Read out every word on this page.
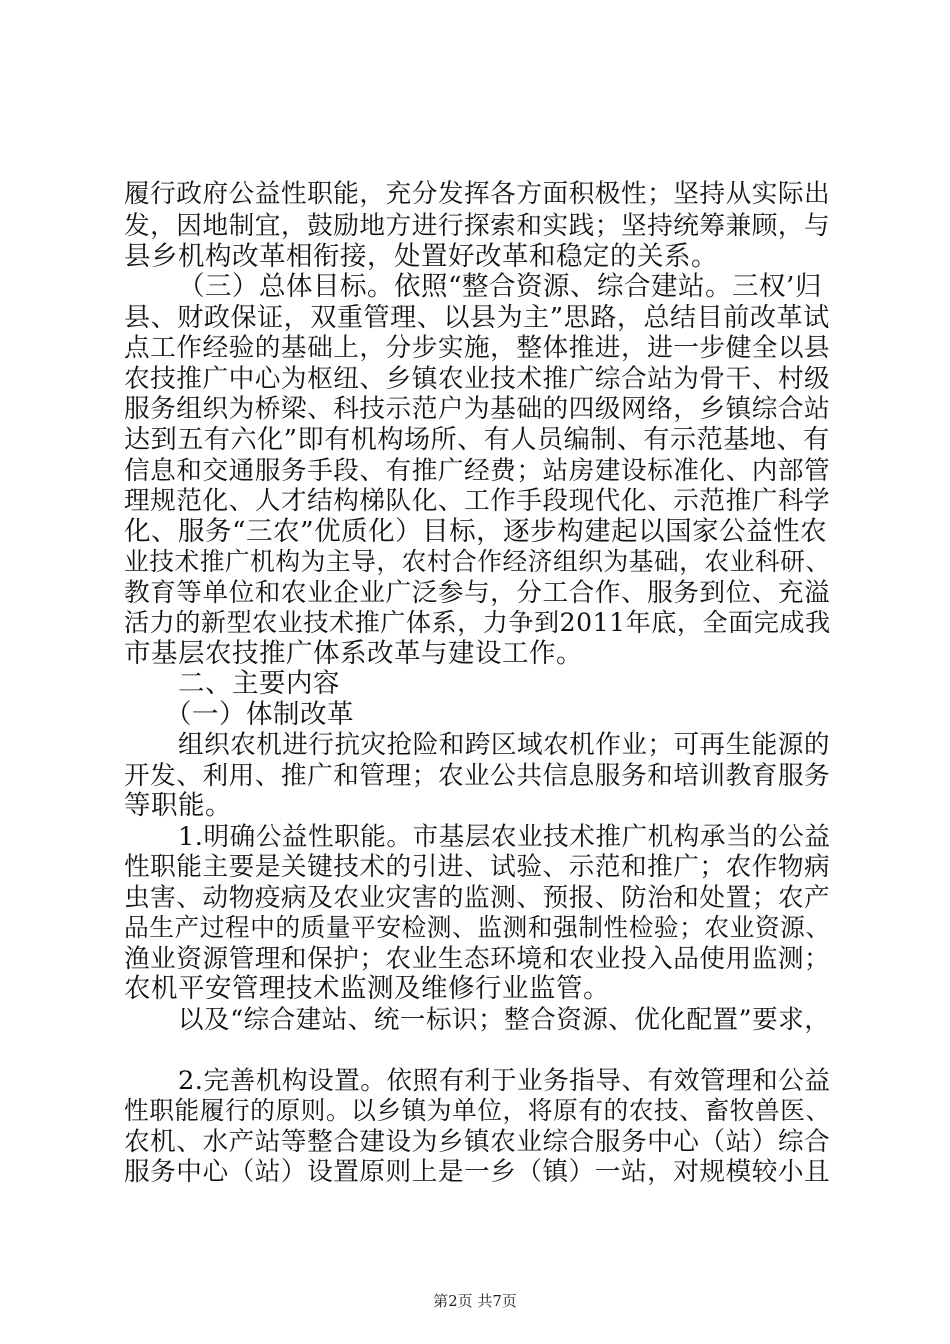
履行政府公益性职能，充分发挥各方面积极性；坚持从实际出
发，因地制宜，鼓励地方进行探索和实践；坚持统筹兼顾，与
县乡机构改革相衔接，处置好改革和稳定的关系。
（三）总体目标。依照“整合资源、综合建站。三权’归
县、财政保证，双重管理、以县为主”思路，总结目前改革试
点工作经验的基础上，分步实施，整体推进，进一步健全以县
农技推广中心为枢纽、乡镇农业技术推广综合站为骨干、村级
服务组织为桥梁、科技示范户为基础的四级网络，乡镇综合站
达到五有六化”即有机构场所、有人员编制、有示范基地、有
信息和交通服务手段、有推广经费；站房建设标准化、内部管
理规范化、人才结构梯队化、工作手段现代化、示范推广科学
化、服务“三农”优质化）目标，逐步构建起以国家公益性农
业技术推广机构为主导，农村合作经济组织为基础，农业科研、
教育等单位和农业企业广泛参与，分工合作、服务到位、充溢
活力的新型农业技术推广体系，力争到2011年底，全面完成我
市基层农技推广体系改革与建设工作。
二、主要内容
（一）体制改革
组织农机进行抗灾抢险和跨区域农机作业；可再生能源的
开发、利用、推广和管理；农业公共信息服务和培训教育服务
等职能。
1.明确公益性职能。市基层农业技术推广机构承当的公益
性职能主要是关键技术的引进、试验、示范和推广；农作物病
虫害、动物疫病及农业灾害的监测、预报、防治和处置；农产
品生产过程中的质量平安检测、监测和强制性检验；农业资源、
渔业资源管理和保护；农业生态环境和农业投入品使用监测；
农机平安管理技术监测及维修行业监管。
以及“综合建站、统一标识；整合资源、优化配置”要求，
2.完善机构设置。依照有利于业务指导、有效管理和公益
性职能履行的原则。以乡镇为单位，将原有的农技、畜牧兽医、
农机、水产站等整合建设为乡镇农业综合服务中心（站）综合
服务中心（站）设置原则上是一乡（镇）一站，对规模较小且
第2页 共7页
